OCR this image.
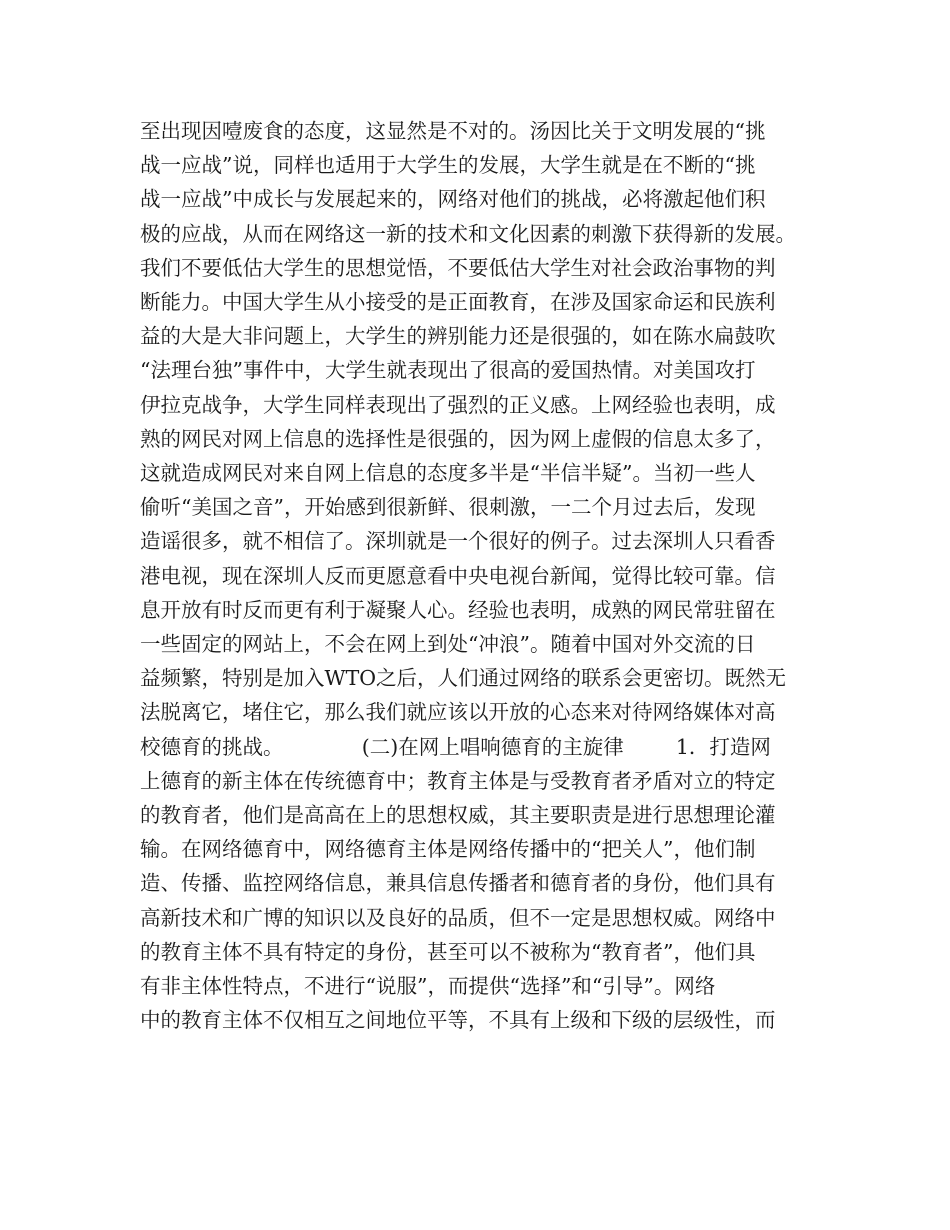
至出现因噎废食的态度，这显然是不对的。汤因比关于文明发展的“挑
战一应战”说，同样也适用于大学生的发展，大学生就是在不断的“挑
战一应战”中成长与发展起来的，网络对他们的挑战，必将激起他们积
极的应战，从而在网络这一新的技术和文化因素的刺激下获得新的发展。
我们不要低估大学生的思想觉悟，不要低估大学生对社会政治事物的判
断能力。中国大学生从小接受的是正面教育，在涉及国家命运和民族利
益的大是大非问题上，大学生的辨别能力还是很强的，如在陈水扁鼓吹
“法理台独”事件中，大学生就表现出了很高的爱国热情。对美国攻打
伊拉克战争，大学生同样表现出了强烈的正义感。上网经验也表明，成
熟的网民对网上信息的选择性是很强的，因为网上虚假的信息太多了，
这就造成网民对来自网上信息的态度多半是“半信半疑”。当初一些人
偷听“美国之音”，开始感到很新鲜、很刺激，一二个月过去后，发现
造谣很多，就不相信了。深圳就是一个很好的例子。过去深圳人只看香
港电视，现在深圳人反而更愿意看中央电视台新闻，觉得比较可靠。信
息开放有时反而更有利于凝聚人心。经验也表明，成熟的网民常驻留在
一些固定的网站上，不会在网上到处“冲浪”。随着中国对外交流的日
益频繁，特别是加入WTO之后，人们通过网络的联系会更密切。既然无
法脱离它，堵住它，那么我们就应该以开放的心态来对待网络媒体对高
校德育的挑战。            (二)在网上唱响德育的主旋律        1．打造网
上德育的新主体在传统德育中；教育主体是与受教育者矛盾对立的特定
的教育者，他们是高高在上的思想权威，其主要职责是进行思想理论灌
输。在网络德育中，网络德育主体是网络传播中的“把关人”，他们制
造、传播、监控网络信息，兼具信息传播者和德育者的身份，他们具有
高新技术和广博的知识以及良好的品质，但不一定是思想权威。网络中
的教育主体不具有特定的身份，甚至可以不被称为“教育者”，他们具
有非主体性特点，不进行“说服”，而提供“选择”和“引导”。网络
中的教育主体不仅相互之间地位平等，不具有上级和下级的层级性，而
